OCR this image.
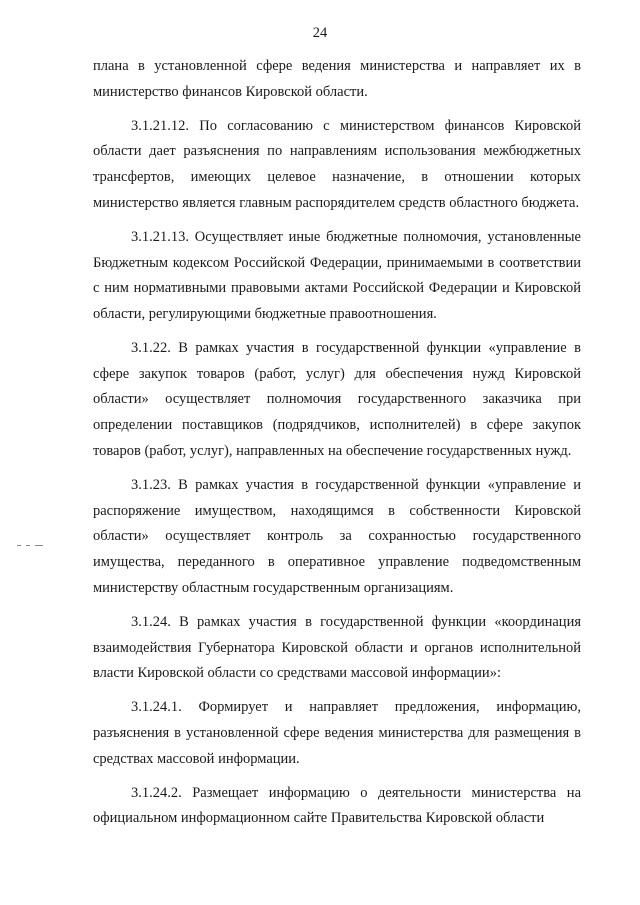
24

плана в установленной сфере ведения министерства и направляет их в министерство финансов Кировской области.

3.1.21.12. По согласованию с министерством финансов Кировской области дает разъяснения по направлениям использования межбюджетных трансфертов, имеющих целевое назначение, в отношении которых министерство является главным распорядителем средств областного бюджета.

3.1.21.13. Осуществляет иные бюджетные полномочия, установленные Бюджетным кодексом Российской Федерации, принимаемыми в соответствии с ним нормативными правовыми актами Российской Федерации и Кировской области, регулирующими бюджетные правоотношения.

3.1.22. В рамках участия в государственной функции «управление в сфере закупок товаров (работ, услуг) для обеспечения нужд Кировской области» осуществляет полномочия государственного заказчика при определении поставщиков (подрядчиков, исполнителей) в сфере закупок товаров (работ, услуг), направленных на обеспечение государственных нужд.

3.1.23. В рамках участия в государственной функции «управление и распоряжение имуществом, находящимся в собственности Кировской области» осуществляет контроль за сохранностью государственного имущества, переданного в оперативное управление подведомственным министерству областным государственным организациям.

3.1.24. В рамках участия в государственной функции «координация взаимодействия Губернатора Кировской области и органов исполнительной власти Кировской области со средствами массовой информации»:

3.1.24.1. Формирует и направляет предложения, информацию, разъяснения в установленной сфере ведения министерства для размещения в средствах массовой информации.

3.1.24.2. Размещает информацию о деятельности министерства на официальном информационном сайте Правительства Кировской области
